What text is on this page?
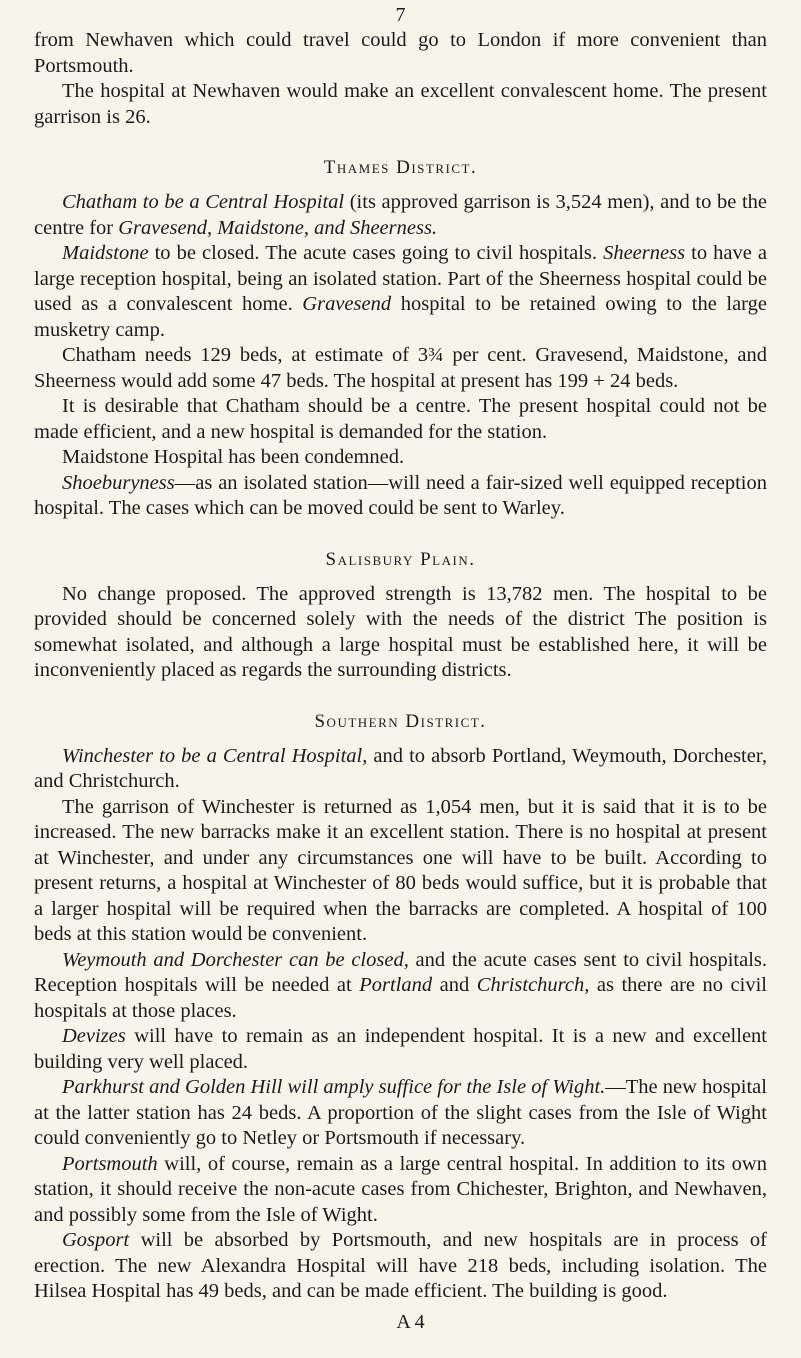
7

from Newhaven which could travel could go to London if more convenient than Portsmouth.

The hospital at Newhaven would make an excellent convalescent home. The present garrison is 26.

Thames District.

Chatham to be a Central Hospital (its approved garrison is 3,524 men), and to be the centre for Gravesend, Maidstone, and Sheerness.

Maidstone to be closed. The acute cases going to civil hospitals. Sheerness to have a large reception hospital, being an isolated station. Part of the Sheerness hospital could be used as a convalescent home. Gravesend hospital to be retained owing to the large musketry camp.

Chatham needs 129 beds, at estimate of 3¾ per cent. Gravesend, Maidstone, and Sheerness would add some 47 beds. The hospital at present has 199 + 24 beds.

It is desirable that Chatham should be a centre. The present hospital could not be made efficient, and a new hospital is demanded for the station.

Maidstone Hospital has been condemned.

Shoeburyness—as an isolated station—will need a fair-sized well equipped reception hospital. The cases which can be moved could be sent to Warley.

Salisbury Plain.

No change proposed. The approved strength is 13,782 men. The hospital to be provided should be concerned solely with the needs of the district The position is somewhat isolated, and although a large hospital must be established here, it will be inconveniently placed as regards the surrounding districts.

Southern District.

Winchester to be a Central Hospital, and to absorb Portland, Weymouth, Dorchester, and Christchurch.

The garrison of Winchester is returned as 1,054 men, but it is said that it is to be increased. The new barracks make it an excellent station. There is no hospital at present at Winchester, and under any circumstances one will have to be built. According to present returns, a hospital at Winchester of 80 beds would suffice, but it is probable that a larger hospital will be required when the barracks are completed. A hospital of 100 beds at this station would be convenient.

Weymouth and Dorchester can be closed, and the acute cases sent to civil hospitals. Reception hospitals will be needed at Portland and Christchurch, as there are no civil hospitals at those places.

Devizes will have to remain as an independent hospital. It is a new and excellent building very well placed.

Parkhurst and Golden Hill will amply suffice for the Isle of Wight.—The new hospital at the latter station has 24 beds. A proportion of the slight cases from the Isle of Wight could conveniently go to Netley or Portsmouth if necessary.

Portsmouth will, of course, remain as a large central hospital. In addition to its own station, it should receive the non-acute cases from Chichester, Brighton, and Newhaven, and possibly some from the Isle of Wight.

Gosport will be absorbed by Portsmouth, and new hospitals are in process of erection. The new Alexandra Hospital will have 218 beds, including isolation. The Hilsea Hospital has 49 beds, and can be made efficient. The building is good.

A 4
